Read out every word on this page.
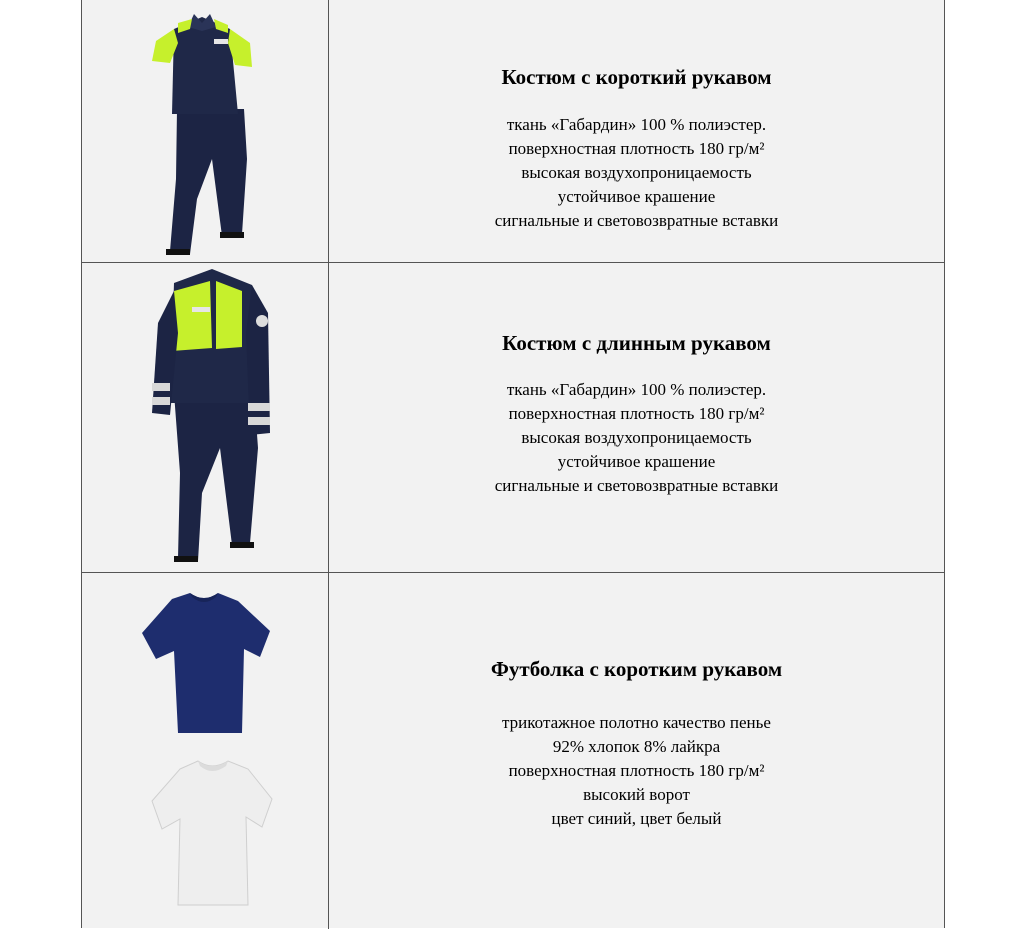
Костюм с короткий рукавом
ткань «Габардин» 100 % полиэстер.
поверхностная плотность 180 гр/м²
высокая воздухопроницаемость
устойчивое крашение
сигнальные и световозвратные вставки
Костюм с длинным рукавом
ткань «Габардин» 100 % полиэстер.
поверхностная плотность 180 гр/м²
высокая воздухопроницаемость
устойчивое крашение
сигнальные и световозвратные вставки
Футболка с коротким рукавом
трикотажное полотно качество пенье
92% хлопок 8% лайкра
поверхностная плотность 180 гр/м²
высокий ворот
цвет синий, цвет белый
